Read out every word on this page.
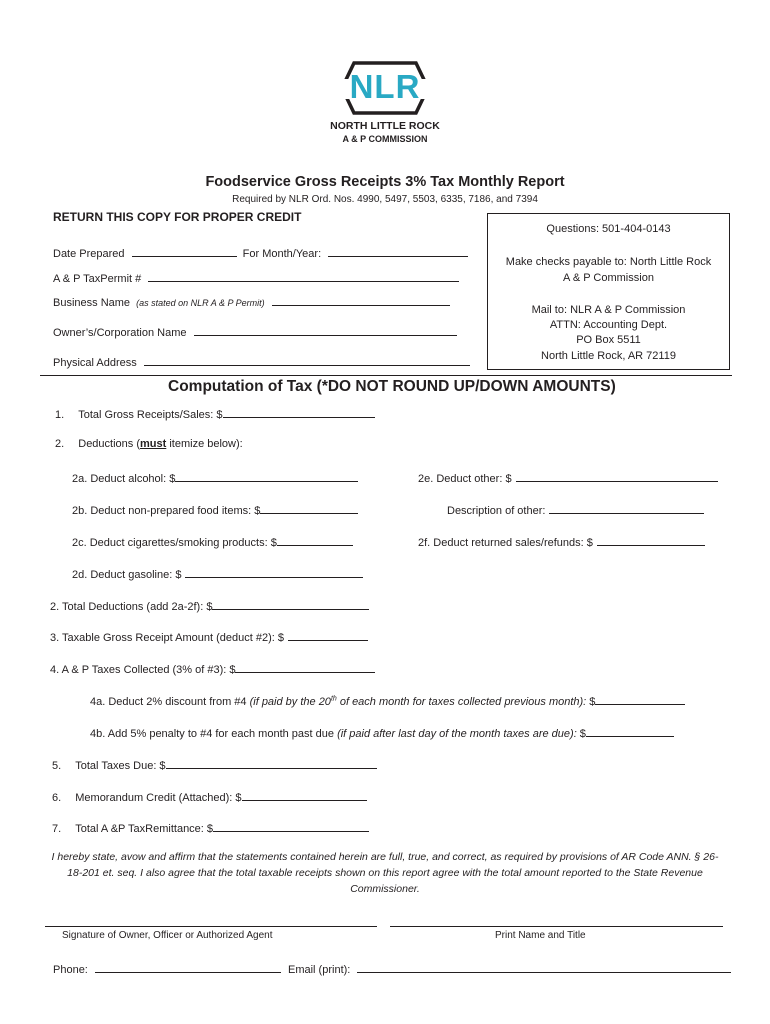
NLR
NORTH LITTLE ROCK
A & P COMMISSION
Foodservice Gross Receipts 3% Tax Monthly Report
Required by NLR Ord. Nos. 4990, 5497, 5503, 6335, 7186, and 7394
RETURN THIS COPY FOR PROPER CREDIT
Date Prepared	For Month/Year:
A & P TaxPermit #
Business Name (as stated on NLR A & P Permit)
Owner’s/Corporation Name
Physical Address
Questions: 501-404-0143
Make checks payable to: North Little Rock
A & P Commission
Mail to: NLR A & P Commission
ATTN: Accounting Dept.
PO Box 5511
North Little Rock, AR 72119
Computation of Tax (*DO NOT ROUND UP/DOWN AMOUNTS)
1. Total Gross Receipts/Sales: $
2. Deductions (must itemize below):
2a. Deduct alcohol: $	2e. Deduct other: $
2b. Deduct non-prepared food items: $	Description of other:
2c. Deduct cigarettes/smoking products: $	2f. Deduct returned sales/refunds: $
2d. Deduct gasoline: $
2. Total Deductions (add 2a-2f): $
3. Taxable Gross Receipt Amount (deduct #2): $
4. A & P Taxes Collected (3% of #3): $
4a. Deduct 2% discount from #4 (if paid by the 20th of each month for taxes collected previous month): $
4b. Add 5% penalty to #4 for each month past due (if paid after last day of the month taxes are due): $
5. Total Taxes Due: $
6. Memorandum Credit (Attached): $
7. Total A &P TaxRemittance: $
I hereby state, avow and affirm that the statements contained herein are full, true, and correct, as required by provisions of AR Code ANN. § 26-18-201 et. seq. I also agree that the total taxable receipts shown on this report agree with the total amount reported to the State Revenue Commissioner.
Signature of Owner, Officer or Authorized Agent	Print Name and Title
Phone:	Email (print):
